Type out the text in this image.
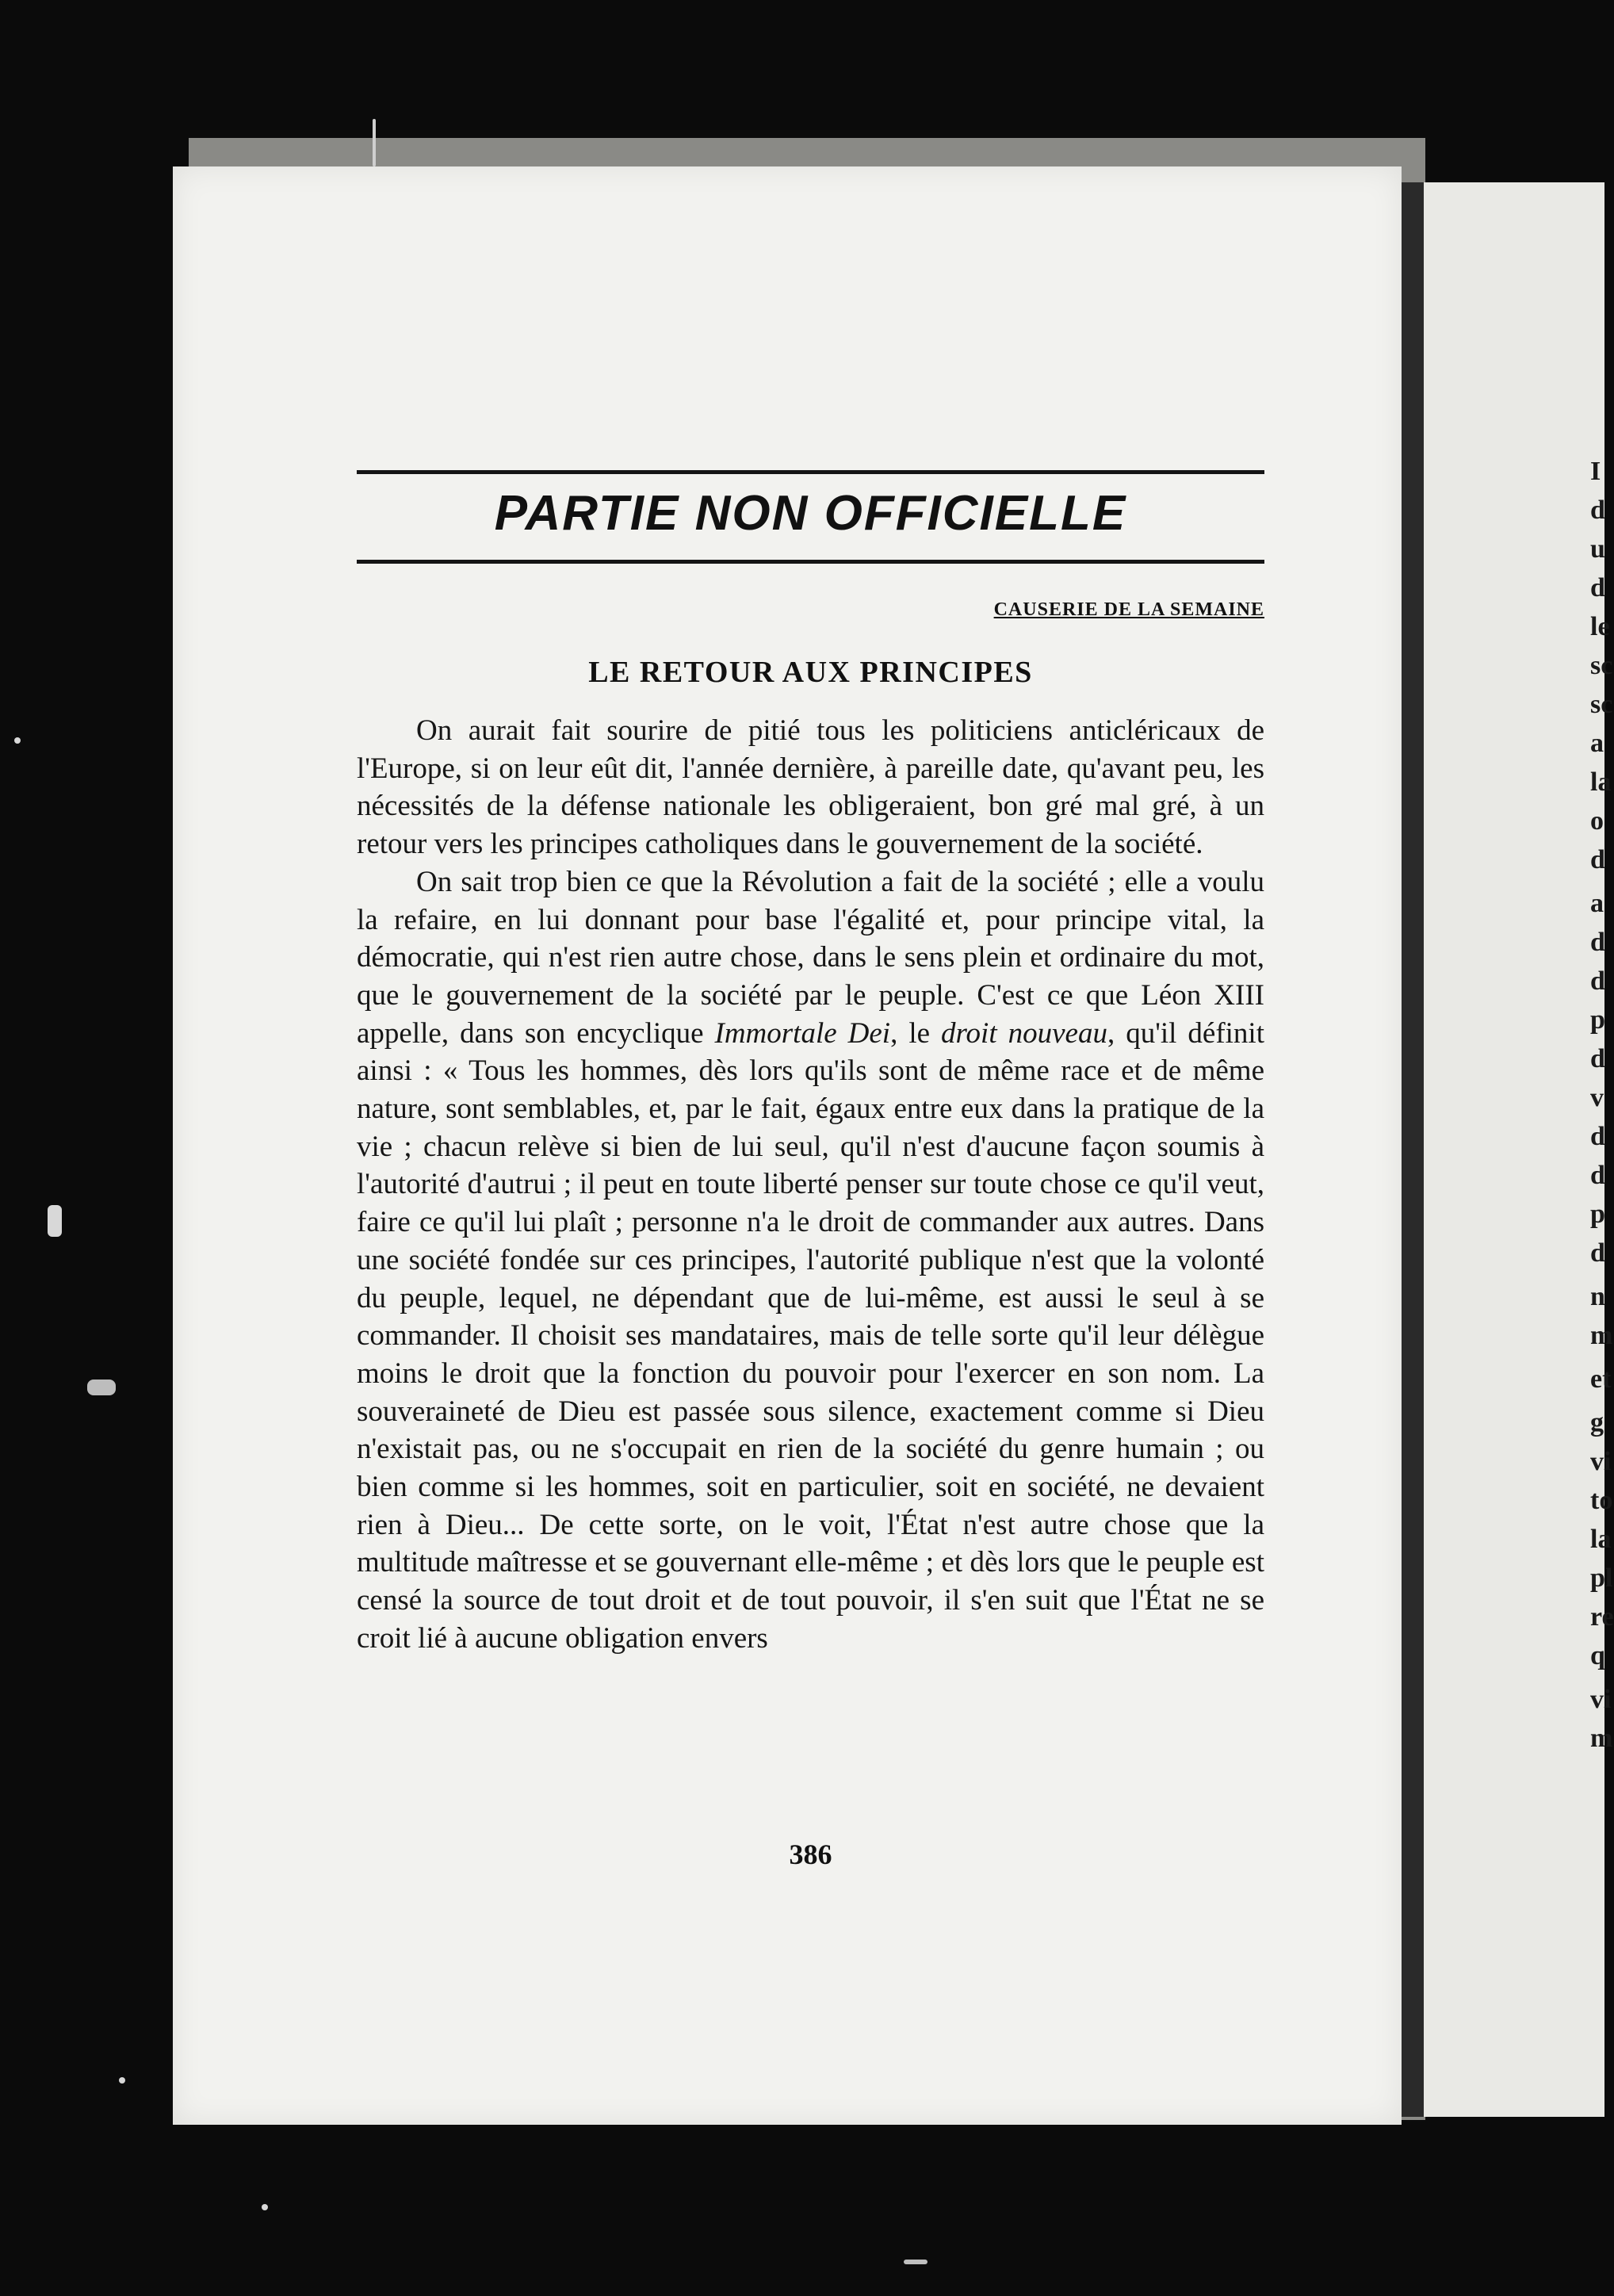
I
d
u
d
le
sc
sc
a
la
o
d
a
d
d
p
d
v
d
d
p
d
n
m
et
g
vi
to
la
pl
re
q
vi
m
PARTIE NON OFFICIELLE
CAUSERIE DE LA SEMAINE
LE RETOUR AUX PRINCIPES

On aurait fait sourire de pitié tous les politiciens anticléricaux de l'Europe, si on leur eût dit, l'année dernière, à pareille date, qu'avant peu, les nécessités de la défense nationale les obligeraient, bon gré mal gré, à un retour vers les principes catholiques dans le gouvernement de la société.

On sait trop bien ce que la Révolution a fait de la société ; elle a voulu la refaire, en lui donnant pour base l'égalité et, pour principe vital, la démocratie, qui n'est rien autre chose, dans le sens plein et ordinaire du mot, que le gouvernement de la société par le peuple. C'est ce que Léon XIII appelle, dans son encyclique Immortale Dei, le droit nouveau, qu'il définit ainsi : « Tous les hommes, dès lors qu'ils sont de même race et de même nature, sont semblables, et, par le fait, égaux entre eux dans la pratique de la vie ; chacun relève si bien de lui seul, qu'il n'est d'aucune façon soumis à l'autorité d'autrui ; il peut en toute liberté penser sur toute chose ce qu'il veut, faire ce qu'il lui plaît ; personne n'a le droit de commander aux autres. Dans une société fondée sur ces principes, l'autorité publique n'est que la volonté du peuple, lequel, ne dépendant que de lui-même, est aussi le seul à se commander. Il choisit ses mandataires, mais de telle sorte qu'il leur délègue moins le droit que la fonction du pouvoir pour l'exercer en son nom. La souveraineté de Dieu est passée sous silence, exactement comme si Dieu n'existait pas, ou ne s'occupait en rien de la société du genre humain ; ou bien comme si les hommes, soit en particulier, soit en société, ne devaient rien à Dieu... De cette sorte, on le voit, l'État n'est autre chose que la multitude maîtresse et se gouvernant elle-même ; et dès lors que le peuple est censé la source de tout droit et de tout pouvoir, il s'en suit que l'État ne se croit lié à aucune obligation envers

386
